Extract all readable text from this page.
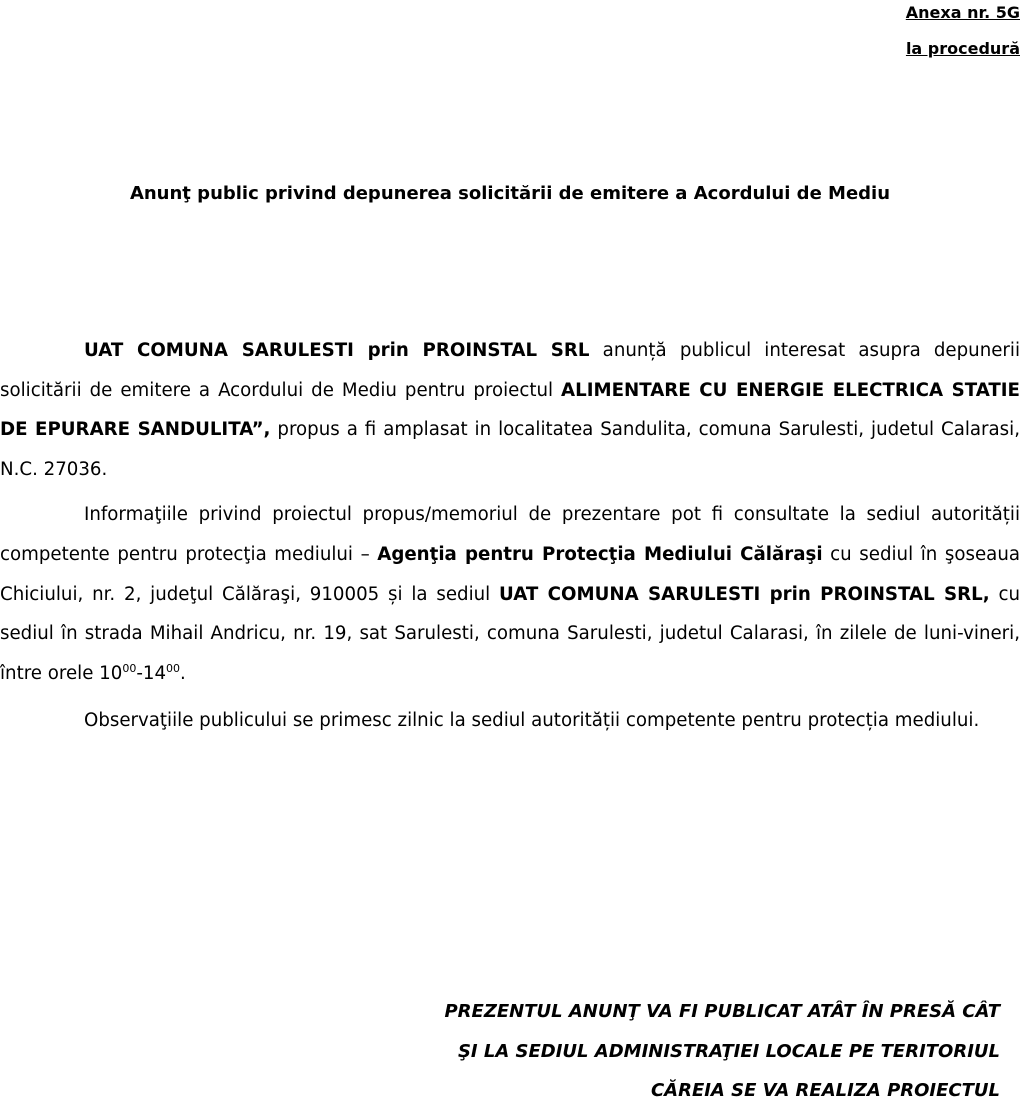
Anexa nr. 5G
la procedură
Anunţ public privind depunerea solicitării de emitere a Acordului de Mediu

UAT COMUNA SARULESTI prin PROINSTAL SRL anunță publicul interesat asupra depunerii solicitării de emitere a Acordului de Mediu pentru proiectul ALIMENTARE CU ENERGIE ELECTRICA STATIE DE EPURARE SANDULITA”, propus a fi amplasat in localitatea Sandulita, comuna Sarulesti, judetul Calarasi, N.C. 27036.

Informaţiile privind proiectul propus/memoriul de prezentare pot fi consultate la sediul autorității competente pentru protecţia mediului – Agenţia pentru Protecţia Mediului Călăraşi cu sediul în şoseaua Chiciului, nr. 2, judeţul Călăraşi, 910005 și la sediul UAT COMUNA SARULESTI prin PROINSTAL SRL, cu sediul în strada Mihail Andricu, nr. 19, sat Sarulesti, comuna Sarulesti, judetul Calarasi, în zilele de luni-vineri, între orele $10^{00}-14^{00}$.

Observaţiile publicului se primesc zilnic la sediul autorității competente pentru protecția mediului.

PREZENTUL ANUNŢ VA FI PUBLICAT ATÂT ÎN PRESĂ CÂT
ŞI LA SEDIUL ADMINISTRAŢIEI LOCALE PE TERITORIUL
CĂREIA SE VA REALIZA PROIECTUL
